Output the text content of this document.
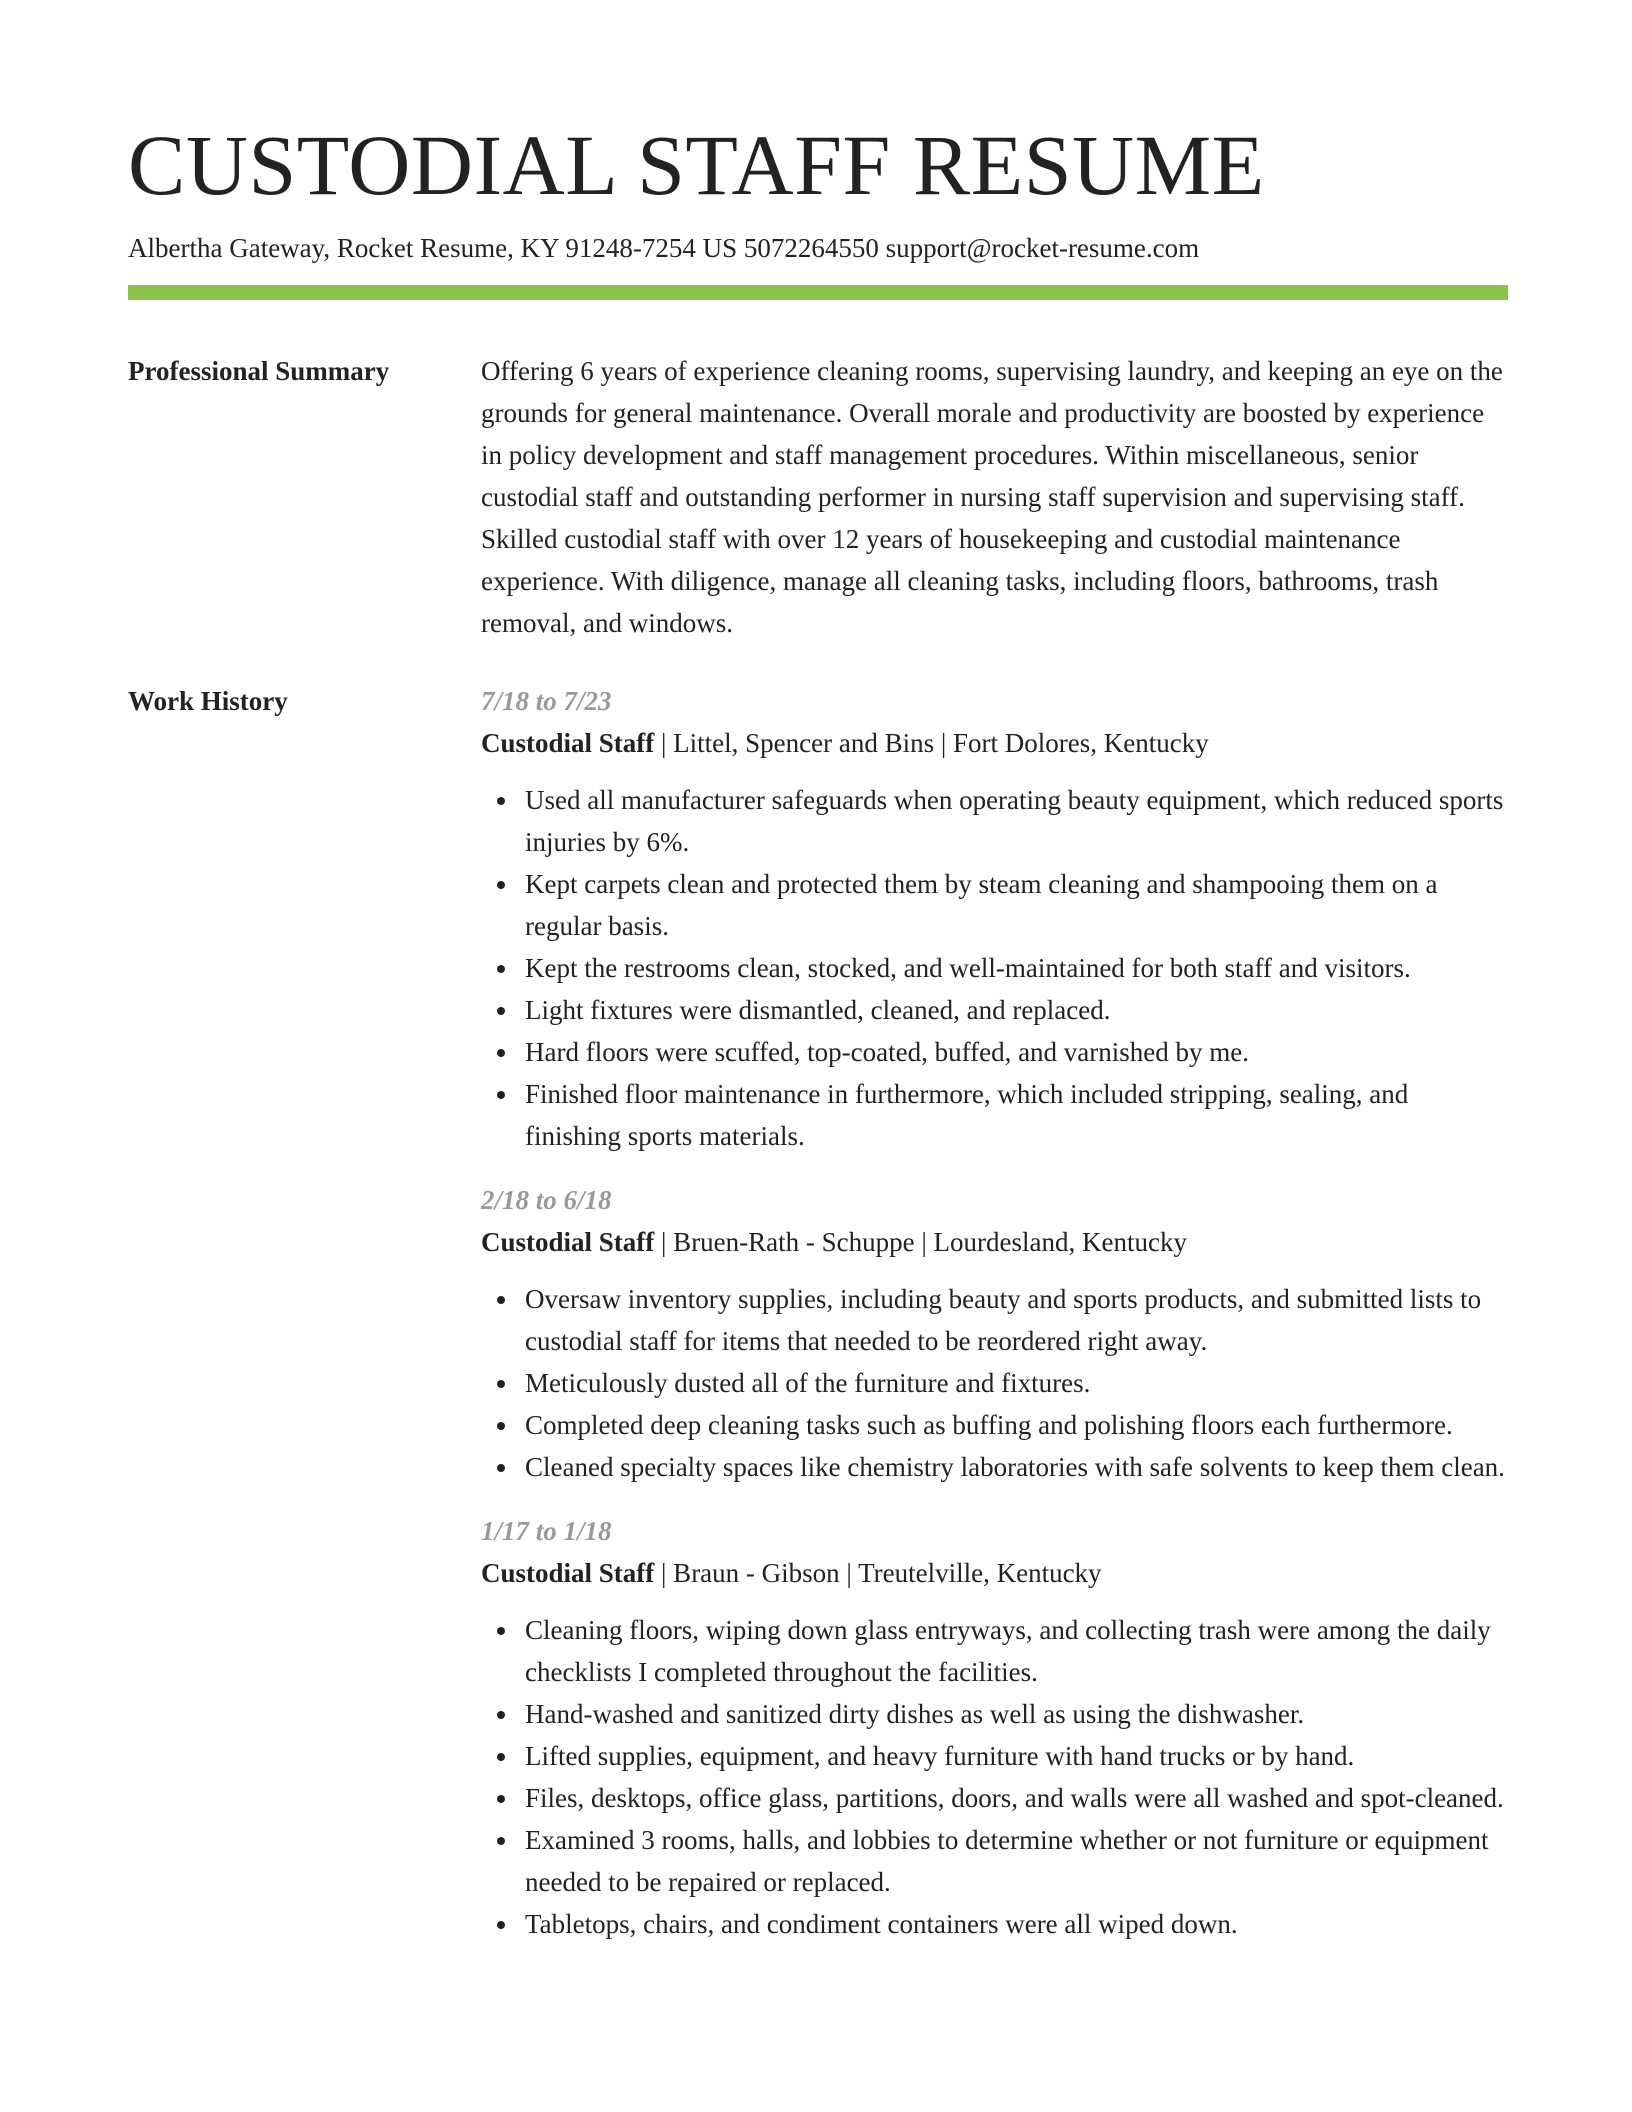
CUSTODIAL STAFF RESUME
Albertha Gateway, Rocket Resume, KY 91248-7254 US 5072264550 support@rocket-resume.com
Professional Summary	Offering 6 years of experience cleaning rooms, supervising laundry, and keeping an eye on the grounds for general maintenance. Overall morale and productivity are boosted by experience in policy development and staff management procedures. Within miscellaneous, senior custodial staff and outstanding performer in nursing staff supervision and supervising staff. Skilled custodial staff with over 12 years of housekeeping and custodial maintenance experience. With diligence, manage all cleaning tasks, including floors, bathrooms, trash removal, and windows.
Work History	7/18 to 7/23
Custodial Staff | Littel, Spencer and Bins | Fort Dolores, Kentucky
Used all manufacturer safeguards when operating beauty equipment, which reduced sports injuries by 6%.
Kept carpets clean and protected them by steam cleaning and shampooing them on a regular basis.
Kept the restrooms clean, stocked, and well-maintained for both staff and visitors.
Light fixtures were dismantled, cleaned, and replaced.
Hard floors were scuffed, top-coated, buffed, and varnished by me.
Finished floor maintenance in furthermore, which included stripping, sealing, and finishing sports materials.
2/18 to 6/18
Custodial Staff | Bruen-Rath - Schuppe | Lourdesland, Kentucky
Oversaw inventory supplies, including beauty and sports products, and submitted lists to custodial staff for items that needed to be reordered right away.
Meticulously dusted all of the furniture and fixtures.
Completed deep cleaning tasks such as buffing and polishing floors each furthermore.
Cleaned specialty spaces like chemistry laboratories with safe solvents to keep them clean.
1/17 to 1/18
Custodial Staff | Braun - Gibson | Treutelville, Kentucky
Cleaning floors, wiping down glass entryways, and collecting trash were among the daily checklists I completed throughout the facilities.
Hand-washed and sanitized dirty dishes as well as using the dishwasher.
Lifted supplies, equipment, and heavy furniture with hand trucks or by hand.
Files, desktops, office glass, partitions, doors, and walls were all washed and spot-cleaned.
Examined 3 rooms, halls, and lobbies to determine whether or not furniture or equipment needed to be repaired or replaced.
Tabletops, chairs, and condiment containers were all wiped down.
